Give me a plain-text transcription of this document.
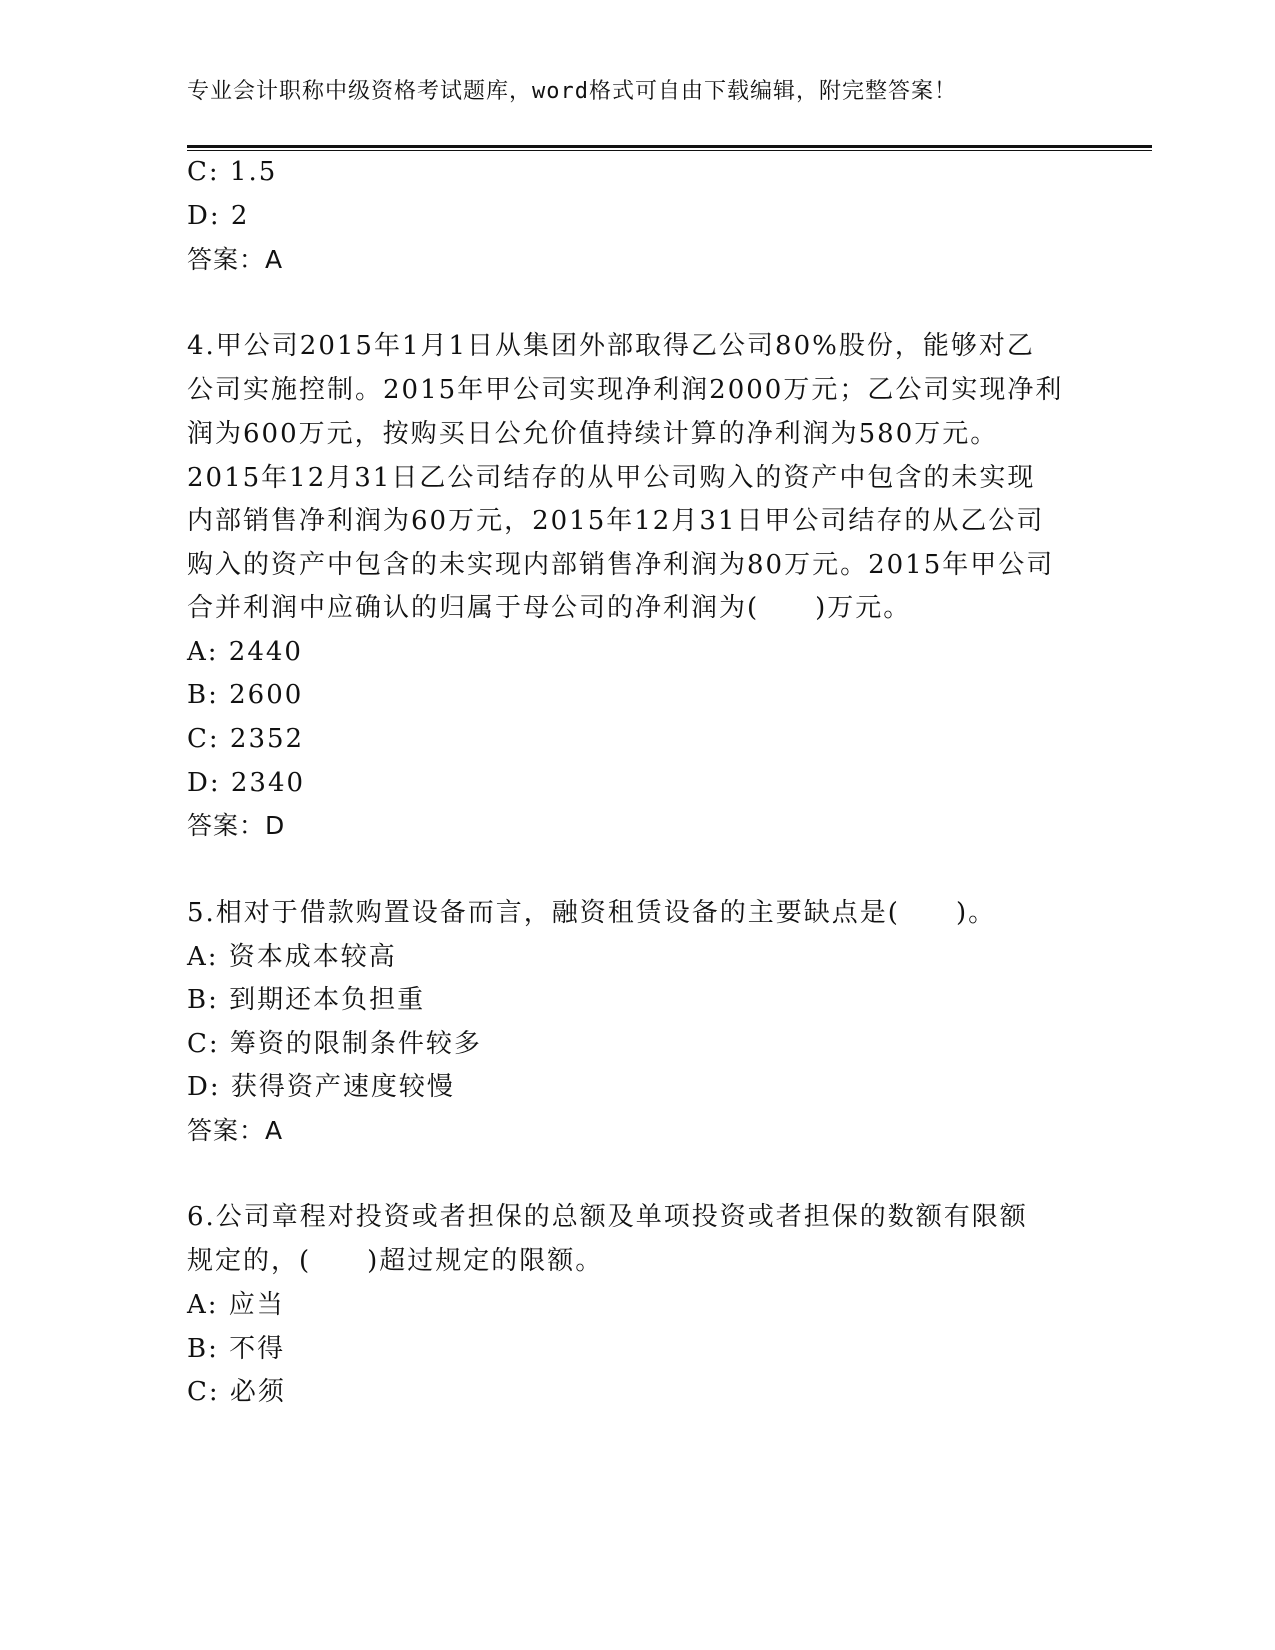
专业会计职称中级资格考试题库，word格式可自由下载编辑，附完整答案！
C: 1.5
D: 2
答案：A
4.甲公司2015年1月1日从集团外部取得乙公司80%股份，能够对乙
公司实施控制。2015年甲公司实现净利润2000万元；乙公司实现净利
润为600万元，按购买日公允价值持续计算的净利润为580万元。
2015年12月31日乙公司结存的从甲公司购入的资产中包含的未实现
内部销售净利润为60万元，2015年12月31日甲公司结存的从乙公司
购入的资产中包含的未实现内部销售净利润为80万元。2015年甲公司
合并利润中应确认的归属于母公司的净利润为(　　)万元。
A: 2440
B: 2600
C: 2352
D: 2340
答案：D
5.相对于借款购置设备而言，融资租赁设备的主要缺点是(　　)。
A: 资本成本较高
B: 到期还本负担重
C: 筹资的限制条件较多
D: 获得资产速度较慢
答案：A
6.公司章程对投资或者担保的总额及单项投资或者担保的数额有限额
规定的，(　　)超过规定的限额。
A: 应当
B: 不得
C: 必须
